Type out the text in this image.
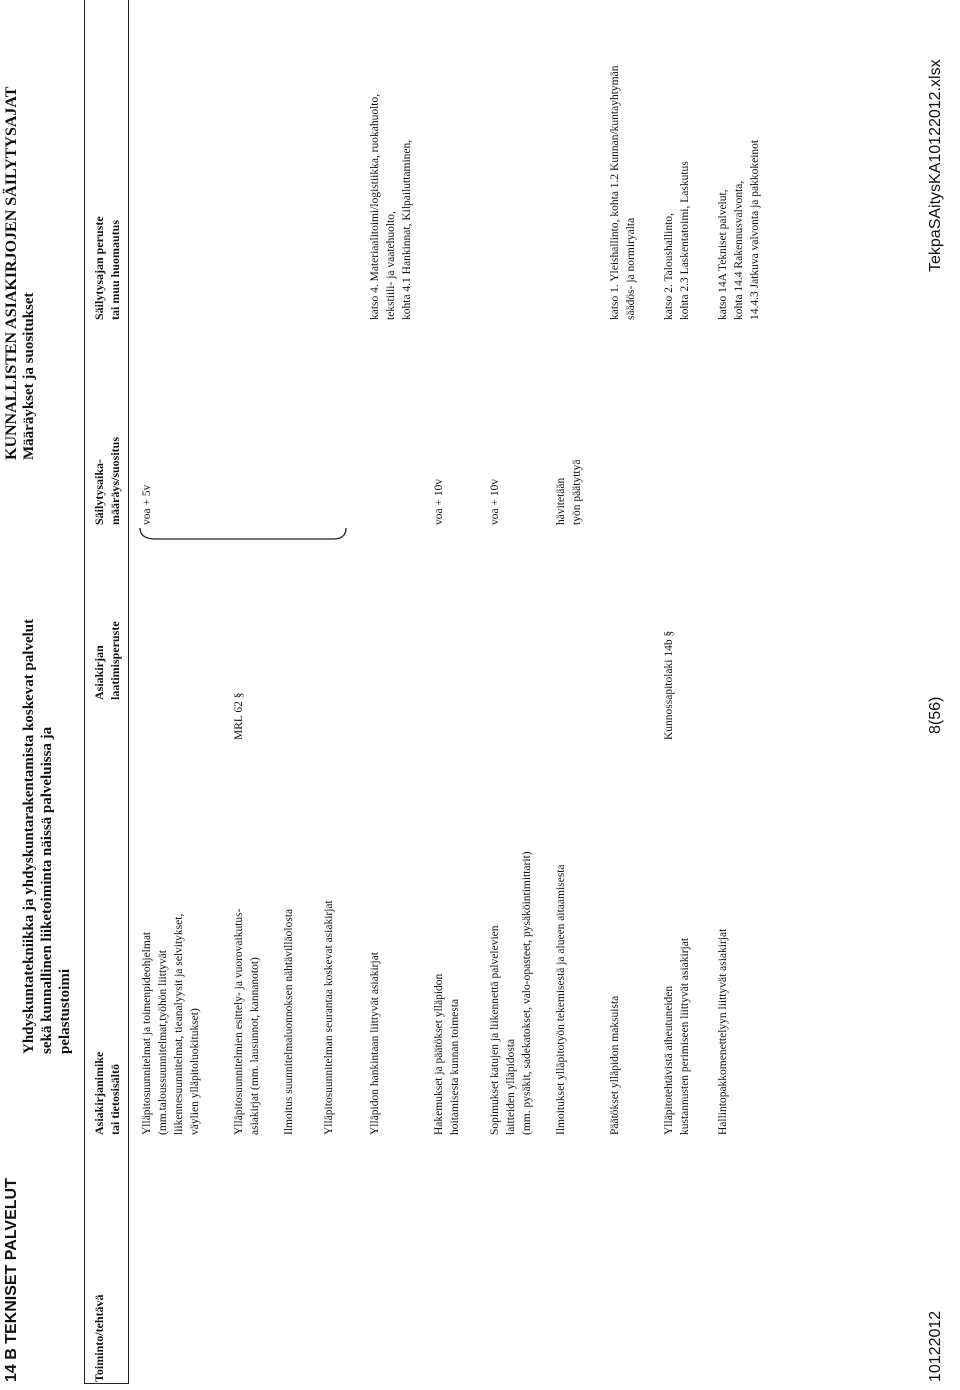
14 B TEKNISET PALVELUT
Yhdyskuntatekniikka ja yhdyskuntarakentamista koskevat palvelut sekä kunnallinen liiketoiminta näissä palveluissa ja pelastustoimi
KUNNALLISTEN ASIAKIRJOJEN SÄILYTYSAJAT Määräykset ja suositukset
Toiminto/tehtävä
Asiakirjanimike tai tietosisältö
Asiakirjan laatimisperuste
Säilytysaika- määräys/suositus
Säilytysajan peruste tai muu huomautus
Ylläpitosuunnitelmat ja toimenpideohjelmat (mm.taloussuunnitelmat,työhön liittyvät liikennesuunnitelmat, tieanalyysit ja selvitykset, väylien ylläpitoluokitukset)
voa + 5v
Ylläpitosuunnitelmien esittely- ja vuorovaikutus- asiakirjat (mm. lausunnot, kannanotot)
MRL 62 §
Ilmoitus suunnitelmaluonnoksen nähtävilläolosta Ylläpitosuunnitelman seurantaa koskevat asiakirjat	Ylläpidon hankintaan liittyvät asiakirjat
katso 4. Materiaalitoimi/logistiikka, ruokahuolto, tekstiili- ja vaatehuolto, kohta 4.1 Hankinnat, Kilpailuttaminen,
Hakemukset ja päätökset ylläpidon hoitamisesta kunnan toimesta
voa + 10v
Sopimukset katujen ja liikennettä palvelevien laitteiden ylläpidosta (mm. pysäkit, sadekatokset, valo-opasteet, pysäköintimittarit)
voa + 10v
Ilmoitukset ylläpitotyön tekemisestä ja alueen aitaamisesta
hävitetään työn päätyttyä
Päätökset ylläpidon maksuista
katso 1. Yleishallinto, kohta 1.2 Kunnan/kuntayhtymän säädös- ja normiryalta
Ylläpitotehtävistä aiheutuneiden kustannusten perimiseen liittyvät asiakirjat
Kunnossapitolaki 14b §
katso 2. Taloushallinto, kohta 2.3 Laskentatoimi, Laskutus
Hallintopakkomenettelyyn liittyvät asiakirjat
katso 14A Tekniset palvelut, kohta 14.4 Rakennusvalvonta, 14.4.3 Jatkuva valvonta ja pakkokeinot
10122012
8(56)
TekpaSAitysKA10122012.xlsx
